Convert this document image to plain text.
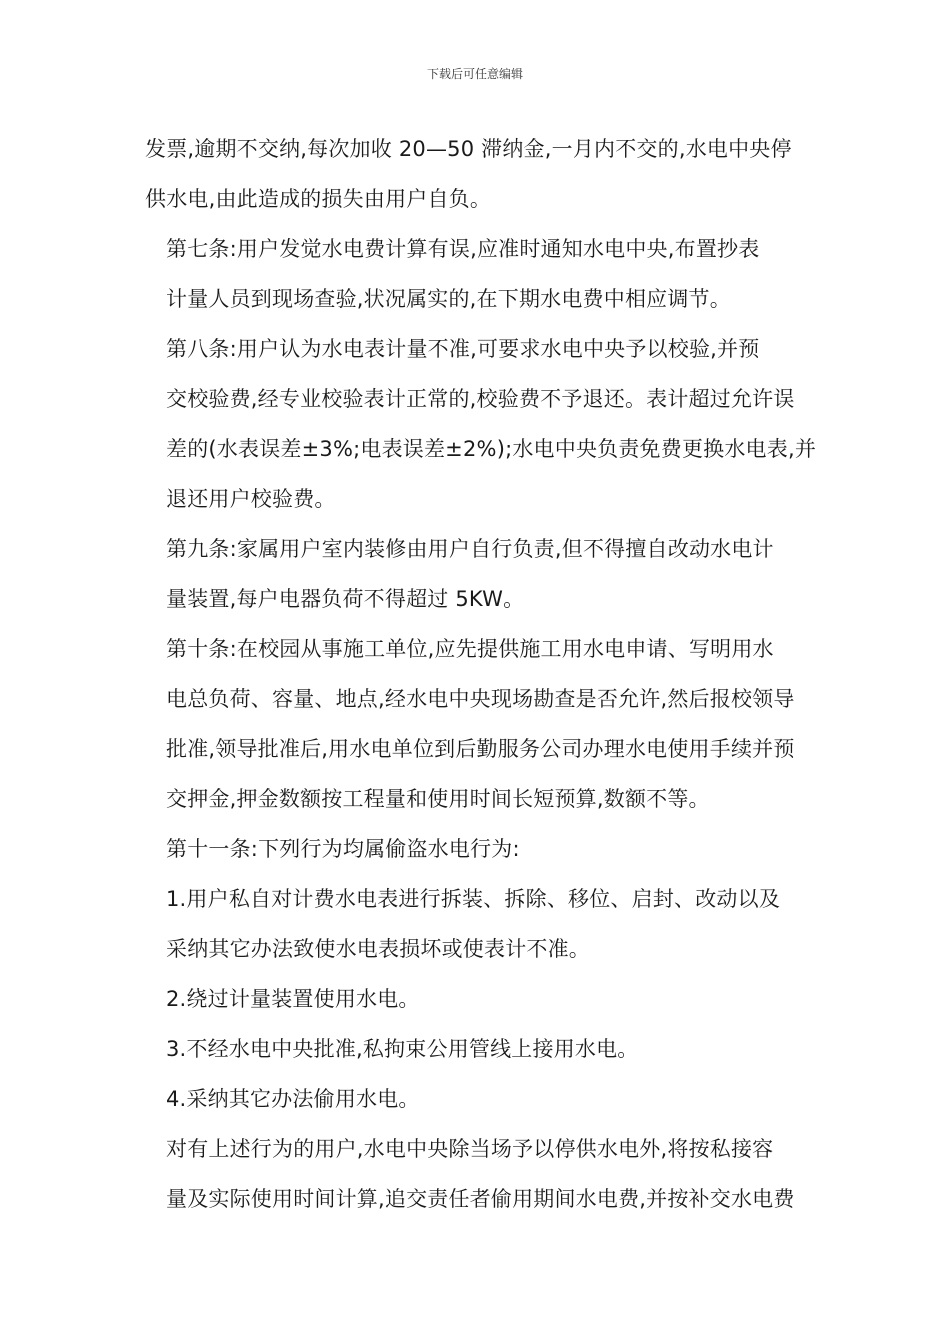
下载后可任意编辑

发票,逾期不交纳,每次加收 20—50 滞纳金,一月内不交的,水电中央停
供水电,由此造成的损失由用户自负。

第七条:用户发觉水电费计算有误,应准时通知水电中央,布置抄表
计量人员到现场查验,状况属实的,在下期水电费中相应调节。

第八条:用户认为水电表计量不准,可要求水电中央予以校验,并预
交校验费,经专业校验表计正常的,校验费不予退还。表计超过允许误
差的(水表误差±3%;电表误差±2%);水电中央负责免费更换水电表,并
退还用户校验费。

第九条:家属用户室内装修由用户自行负责,但不得擅自改动水电计
量装置,每户电器负荷不得超过 5KW。

第十条:在校园从事施工单位,应先提供施工用水电申请、写明用水
电总负荷、容量、地点,经水电中央现场勘查是否允许,然后报校领导
批准,领导批准后,用水电单位到后勤服务公司办理水电使用手续并预
交押金,押金数额按工程量和使用时间长短预算,数额不等。

第十一条:下列行为均属偷盗水电行为:

1.用户私自对计费水电表进行拆装、拆除、移位、启封、改动以及
采纳其它办法致使水电表损坏或使表计不准。

2.绕过计量装置使用水电。

3.不经水电中央批准,私拘束公用管线上接用水电。

4.采纳其它办法偷用水电。

对有上述行为的用户,水电中央除当场予以停供水电外,将按私接容
量及实际使用时间计算,追交责任者偷用期间水电费,并按补交水电费
